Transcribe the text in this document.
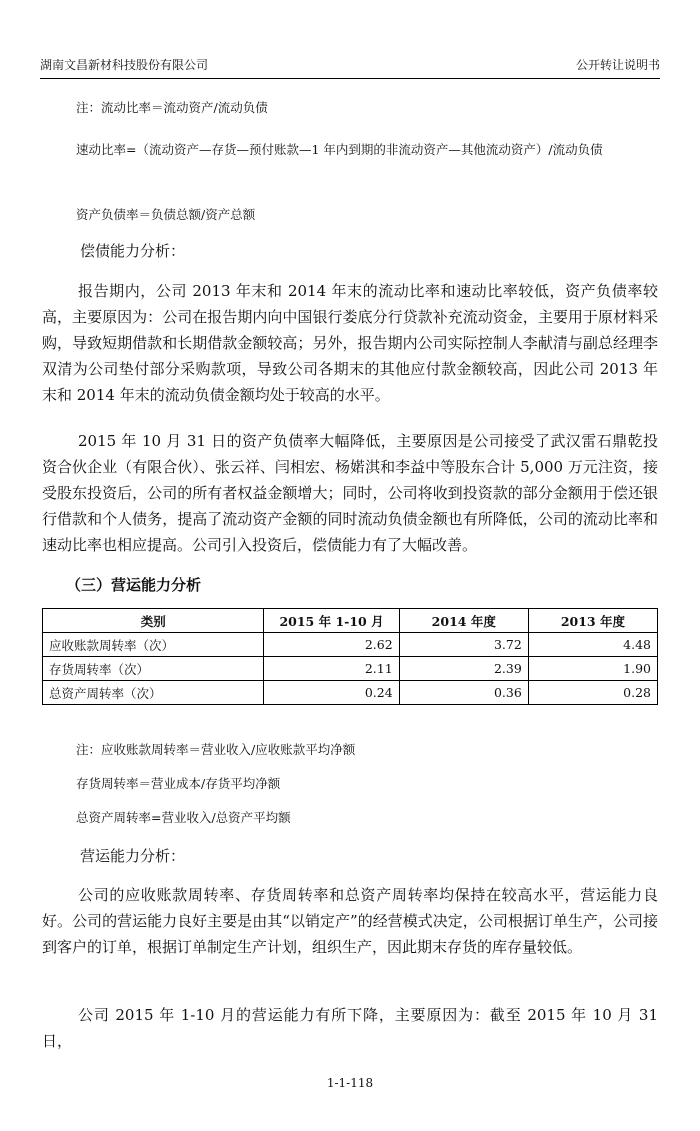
湖南文昌新材科技股份有限公司	公开转让说明书
注：流动比率＝流动资产/流动负债
速动比率=（流动资产—存货—预付账款—1 年内到期的非流动资产—其他流动资产）/流动负债
资产负债率＝负债总额/资产总额
偿债能力分析：

报告期内，公司 2013 年末和 2014 年末的流动比率和速动比率较低，资产负债率较高，主要原因为：公司在报告期内向中国银行娄底分行贷款补充流动资金，主要用于原材料采购，导致短期借款和长期借款金额较高；另外，报告期内公司实际控制人李献清与副总经理李双清为公司垫付部分采购款项，导致公司各期末的其他应付款金额较高，因此公司 2013 年末和 2014 年末的流动负债金额均处于较高的水平。

2015 年 10 月 31 日的资产负债率大幅降低，主要原因是公司接受了武汉雷石鼎乾投资合伙企业（有限合伙）、张云祥、闫相宏、杨婼淇和李益中等股东合计 5,000 万元注资，接受股东投资后，公司的所有者权益金额增大；同时，公司将收到投资款的部分金额用于偿还银行借款和个人债务，提高了流动资产金额的同时流动负债金额也有所降低，公司的流动比率和速动比率也相应提高。公司引入投资后，偿债能力有了大幅改善。

（三）营运能力分析
类别	2015 年 1-10 月	2014 年度	2013 年度
应收账款周转率（次）	2.62	3.72	4.48
存货周转率（次）	2.11	2.39	1.90
总资产周转率（次）	0.24	0.36	0.28
注：应收账款周转率＝营业收入/应收账款平均净额
存货周转率＝营业成本/存货平均净额
总资产周转率=营业收入/总资产平均额
营运能力分析：

公司的应收账款周转率、存货周转率和总资产周转率均保持在较高水平，营运能力良好。公司的营运能力良好主要是由其“以销定产”的经营模式决定，公司根据订单生产，公司接到客户的订单，根据订单制定生产计划，组织生产，因此期末存货的库存量较低。

公司 2015 年 1-10 月的营运能力有所下降，主要原因为：截至 2015 年 10 月 31 日，

1-1-118
